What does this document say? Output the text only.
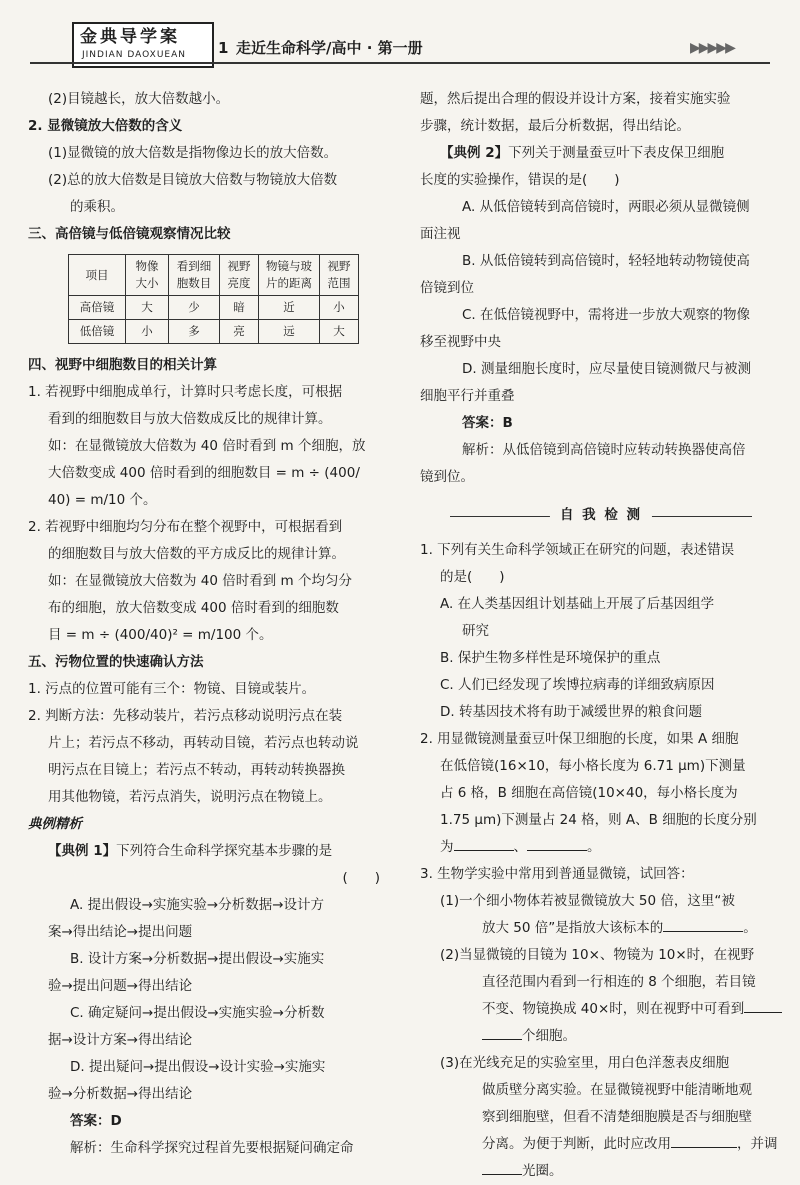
金典导学案
JINDIAN DAOXUEAN 1 走近生命科学/高中 · 第一册	▶▶▶▶▶
(2)目镜越长，放大倍数越小。
2. 显微镜放大倍数的含义
(1)显微镜的放大倍数是指物像边长的放大倍数。
(2)总的放大倍数是目镜放大倍数与物镜放大倍数
的乘积。
三、高倍镜与低倍镜观察情况比较
项目	物像大小	看到细胞数目	视野亮度	物镜与玻片的距离	视野范围
高倍镜	大	少	暗	近	小
低倍镜	小	多	亮	远	大
四、视野中细胞数目的相关计算
1. 若视野中细胞成单行，计算时只考虑长度，可根据
看到的细胞数目与放大倍数成反比的规律计算。
如：在显微镜放大倍数为 40 倍时看到 m 个细胞，放
大倍数变成 400 倍时看到的细胞数目 = m ÷ (400/
40) = m/10 个。
2. 若视野中细胞均匀分布在整个视野中，可根据看到
的细胞数目与放大倍数的平方成反比的规律计算。
如：在显微镜放大倍数为 40 倍时看到 m 个均匀分
布的细胞，放大倍数变成 400 倍时看到的细胞数
目 = m ÷ (400/40)² = m/100 个。
五、污物位置的快速确认方法
1. 污点的位置可能有三个：物镜、目镜或装片。
2. 判断方法：先移动装片，若污点移动说明污点在装
片上；若污点不移动，再转动目镜，若污点也转动说
明污点在目镜上；若污点不转动，再转动转换器换
用其他物镜，若污点消失，说明污点在物镜上。
典例精析
【典例 1】下列符合生命科学探究基本步骤的是
(　　)
A. 提出假设→实施实验→分析数据→设计方
案→得出结论→提出问题
B. 设计方案→分析数据→提出假设→实施实
验→提出问题→得出结论
C. 确定疑问→提出假设→实施实验→分析数
据→设计方案→得出结论
D. 提出疑问→提出假设→设计实验→实施实
验→分析数据→得出结论
答案：D
解析：生命科学探究过程首先要根据疑问确定命
题，然后提出合理的假设并设计方案，接着实施实验
步骤，统计数据，最后分析数据，得出结论。
【典例 2】下列关于测量蚕豆叶下表皮保卫细胞
长度的实验操作，错误的是(　　)
A. 从低倍镜转到高倍镜时，两眼必须从显微镜侧
面注视
B. 从低倍镜转到高倍镜时，轻轻地转动物镜使高
倍镜到位
C. 在低倍镜视野中，需将进一步放大观察的物像
移至视野中央
D. 测量细胞长度时，应尽量使目镜测微尺与被测
细胞平行并重叠
答案：B
解析：从低倍镜到高倍镜时应转动转换器使高倍
镜到位。
自 我 检 测
1. 下列有关生命科学领域正在研究的问题，表述错误
的是(　　)
A. 在人类基因组计划基础上开展了后基因组学
研究
B. 保护生物多样性是环境保护的重点
C. 人们已经发现了埃博拉病毒的详细致病原因
D. 转基因技术将有助于减缓世界的粮食问题
2. 用显微镜测量蚕豆叶保卫细胞的长度，如果 A 细胞
在低倍镜(16×10，每小格长度为 6.71 μm)下测量
占 6 格，B 细胞在高倍镜(10×40，每小格长度为
1.75 μm)下测量占 24 格，则 A、B 细胞的长度分别
为	、	。
3. 生物学实验中常用到普通显微镜，试回答：
(1)一个细小物体若被显微镜放大 50 倍，这里“被
放大 50 倍”是指放大该标本的	。
(2)当显微镜的目镜为 10×、物镜为 10×时，在视野
直径范围内看到一行相连的 8 个细胞，若目镜
不变、物镜换成 40×时，则在视野中可看到
个细胞。
(3)在光线充足的实验室里，用白色洋葱表皮细胞
做质壁分离实验。在显微镜视野中能清晰地观
察到细胞壁，但看不清楚细胞膜是否与细胞壁
分离。为便于判断，此时应改用	，并调
光圈。
